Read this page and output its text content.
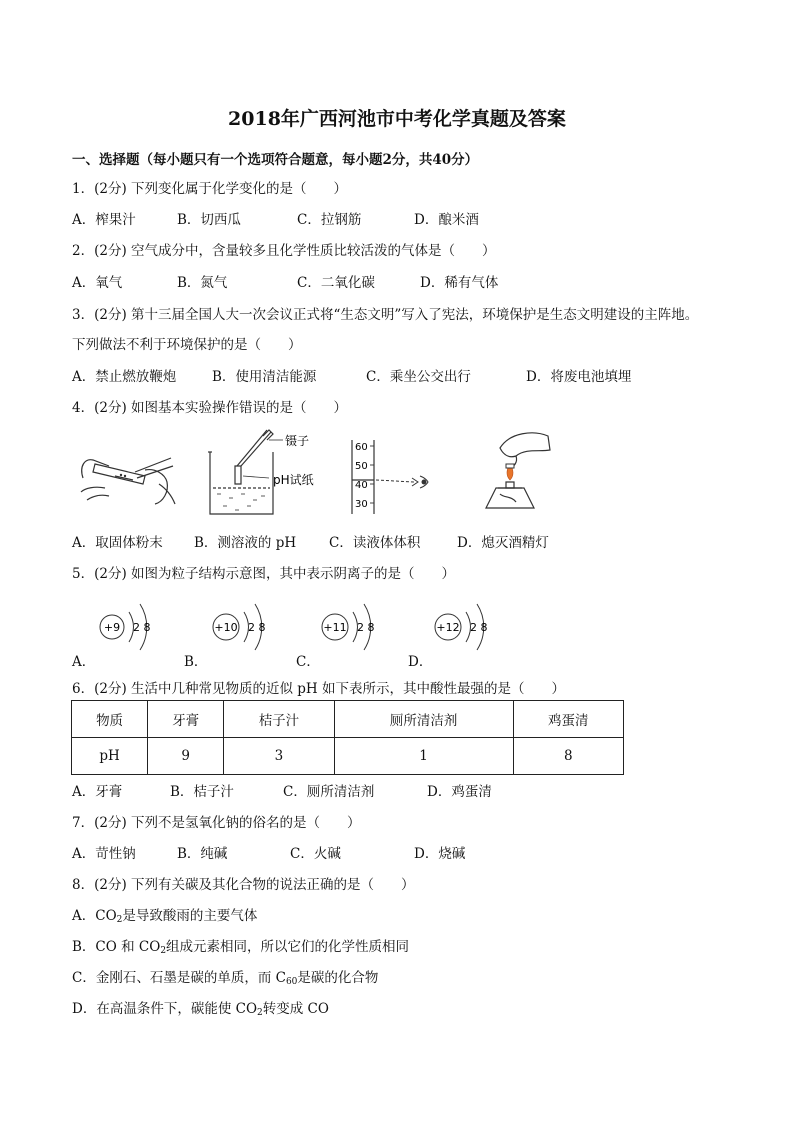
2018年广西河池市中考化学真题及答案
一、选择题（每小题只有一个选项符合题意，每小题2分，共40分）
1．(2分) 下列变化属于化学变化的是（　　）
A．榨果汁	B．切西瓜	C．拉钢筋	D．酿米酒
2．(2分) 空气成分中，含量较多且化学性质比较活泼的气体是（　　）
A．氧气	B．氮气	C．二氧化碳	D．稀有气体
3．(2分) 第十三届全国人大一次会议正式将“生态文明”写入了宪法，环境保护是生态文明建设的主阵地。
下列做法不利于环境保护的是（　　）
A．禁止燃放鞭炮	B．使用清洁能源	C．乘坐公交出行	D．将废电池填埋
4．(2分) 如图基本实验操作错误的是（　　）
镊子
pH试纸
60
50
40
30
A．取固体粉末 B．测溶液的 pH C．读液体体积	D．熄灭酒精灯
5．(2分) 如图为粒子结构示意图，其中表示阴离子的是（　　）
+9 2 8	+10 2 8	+11 2 8	+12 2 8
A．	B．	C．	D．
6．(2分) 生活中几种常见物质的近似 pH 如下表所示，其中酸性最强的是（　　）
物质	牙膏	桔子汁	厕所清洁剂	鸡蛋清
pH	9	3	1	8
A．牙膏	B．桔子汁	C．厕所清洁剂	D．鸡蛋清
7．(2分) 下列不是氢氧化钠的俗名的是（　　）
A．苛性钠	B．纯碱	C．火碱	D．烧碱
8．(2分) 下列有关碳及其化合物的说法正确的是（　　）
A．$CO_2$是导致酸雨的主要气体
B．CO 和 $CO_2$组成元素相同，所以它们的化学性质相同
C．金刚石、石墨是碳的单质，而 $C_{60}$是碳的化合物
D．在高温条件下，碳能使 $CO_2$转变成 CO
